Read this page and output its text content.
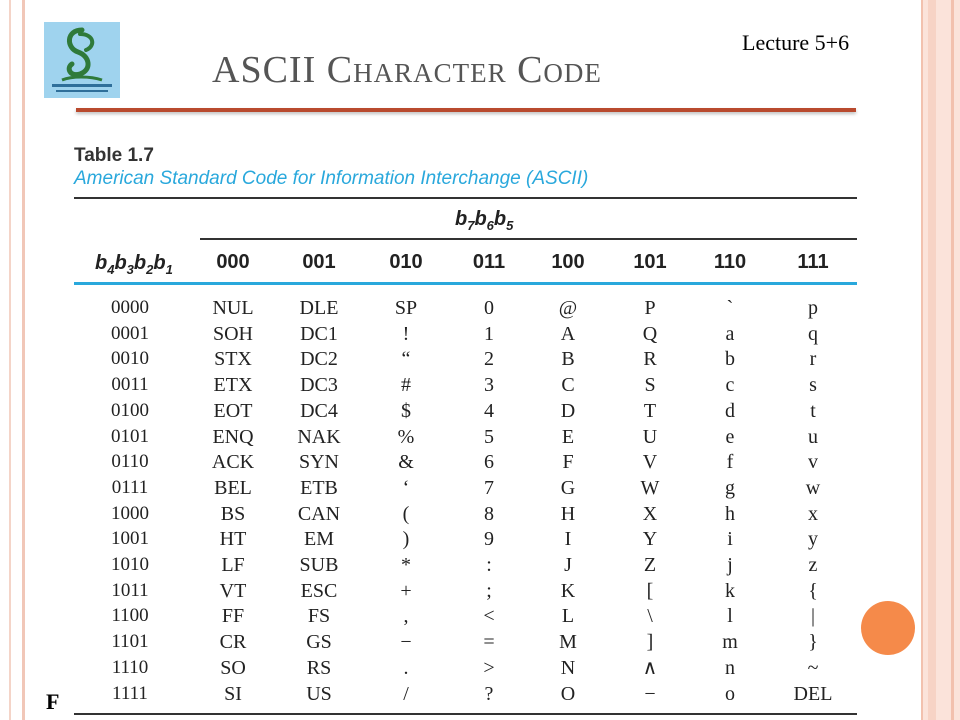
ASCII Character Code
Lecture 5+6
Table 1.7
American Standard Code for Information Interchange (ASCII)
$b_7b_6b_5$
$b_4b_3b_2b_1$	000	001	010	011	100	101	110	111
0000	NUL	DLE	SP	0	@	P	`	p
0001	SOH	DC1	!	1	A	Q	a	q
0010	STX	DC2	“	2	B	R	b	r
0011	ETX	DC3	#	3	C	S	c	s
0100	EOT	DC4	$	4	D	T	d	t
0101	ENQ	NAK	%	5	E	U	e	u
0110	ACK	SYN	&	6	F	V	f	v
0111	BEL	ETB	‘	7	G	W	g	w
1000	BS	CAN	(	8	H	X	h	x
1001	HT	EM	)	9	I	Y	i	y
1010	LF	SUB	*	:	J	Z	j	z
1011	VT	ESC	+	;	K	[	k	{
1100	FF	FS	,	<	L	\	l	|
1101	CR	GS	−	=	M	]	m	}
1110	SO	RS	.	>	N	∧	n	~
1111	SI	US	/	?	O	−	o	DEL
F
